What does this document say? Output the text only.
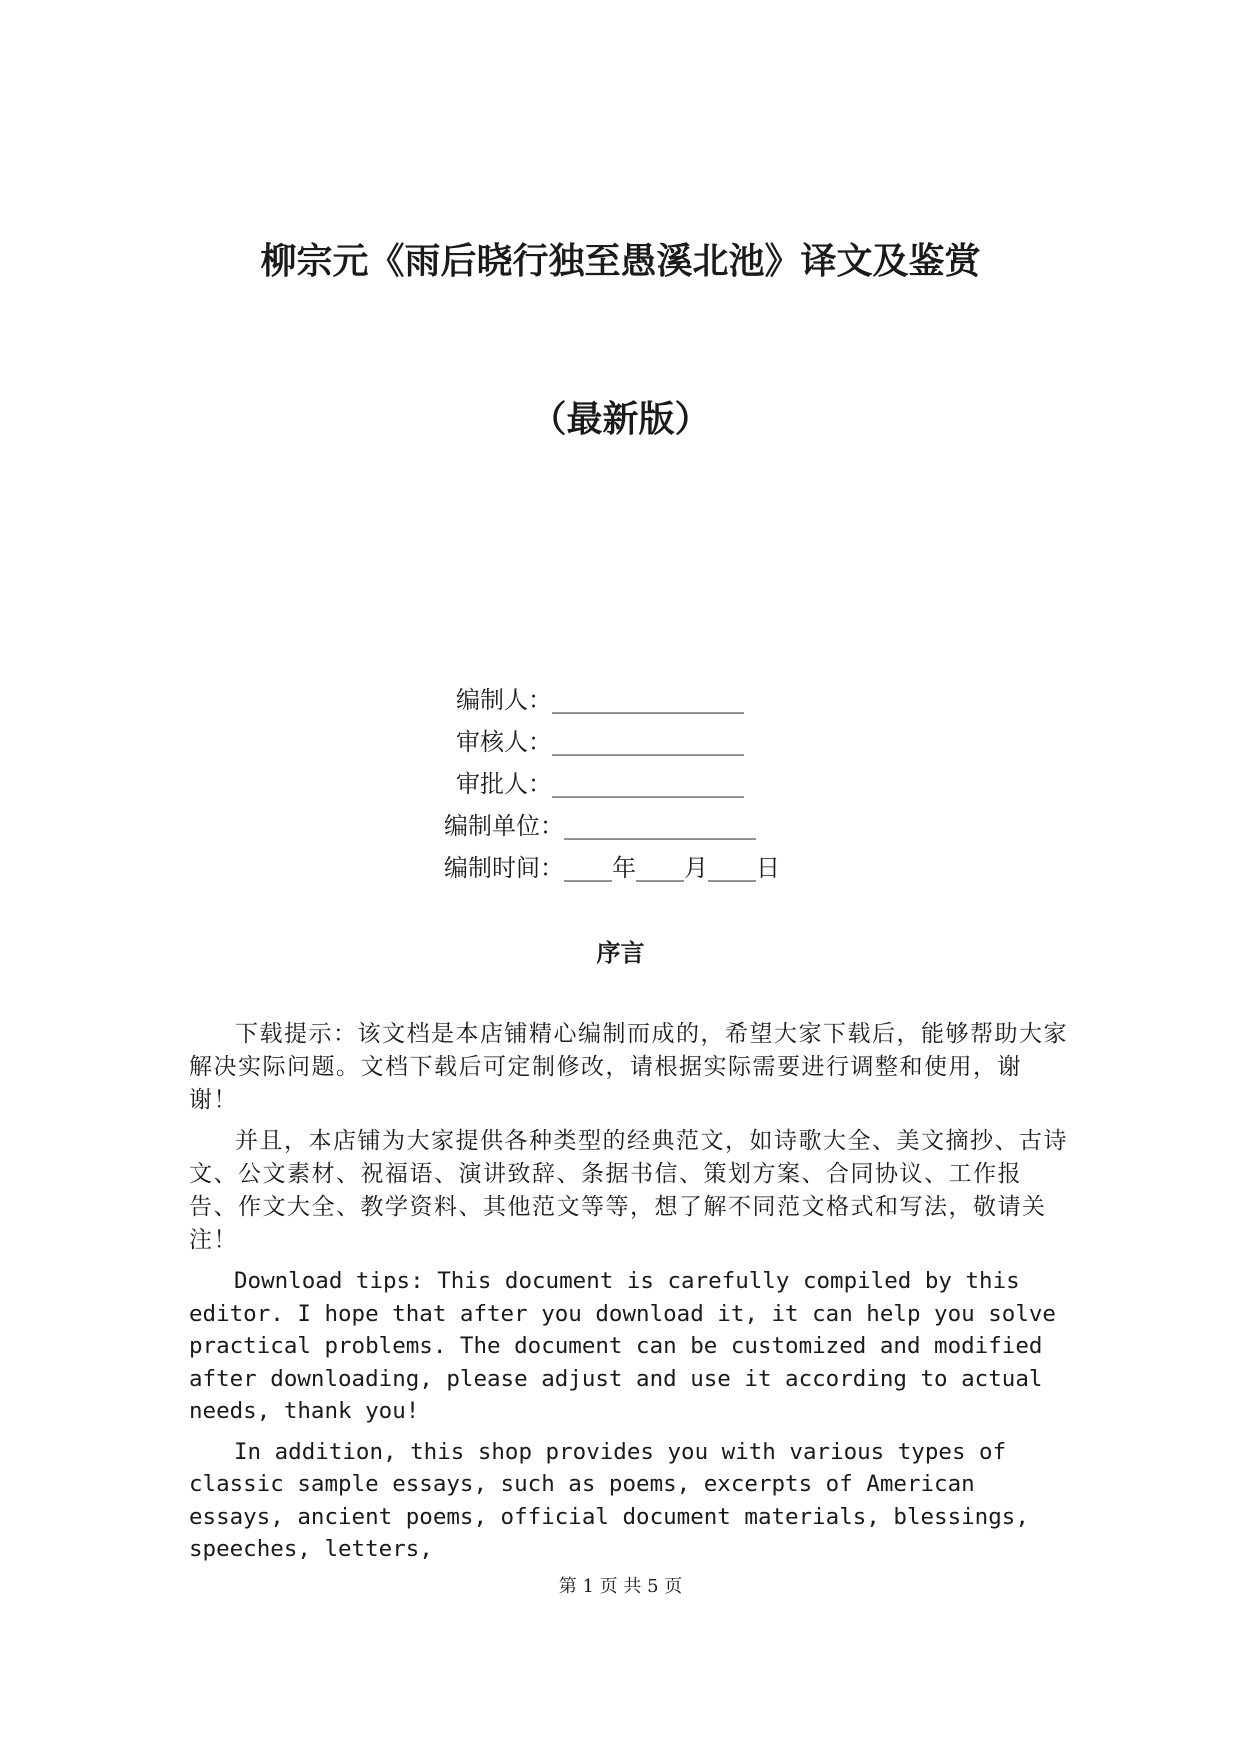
柳宗元《雨后晓行独至愚溪北池》译文及鉴赏
（最新版）
编制人：________________
审核人：________________
审批人：________________
编制单位：________________
编制时间：____年____月____日
序言

下载提示：该文档是本店铺精心编制而成的，希望大家下载后，能够帮助大家解决实际问题。文档下载后可定制修改，请根据实际需要进行调整和使用，谢谢！

并且，本店铺为大家提供各种类型的经典范文，如诗歌大全、美文摘抄、古诗文、公文素材、祝福语、演讲致辞、条据书信、策划方案、合同协议、工作报告、作文大全、教学资料、其他范文等等，想了解不同范文格式和写法，敬请关注！

Download tips: This document is carefully compiled by this editor. I hope that after you download it, it can help you solve practical problems. The document can be customized and modified after downloading, please adjust and use it according to actual needs, thank you!

In addition, this shop provides you with various types of classic sample essays, such as poems, excerpts of American essays, ancient poems, official document materials, blessings, speeches, letters,

第 1 页 共 5 页
